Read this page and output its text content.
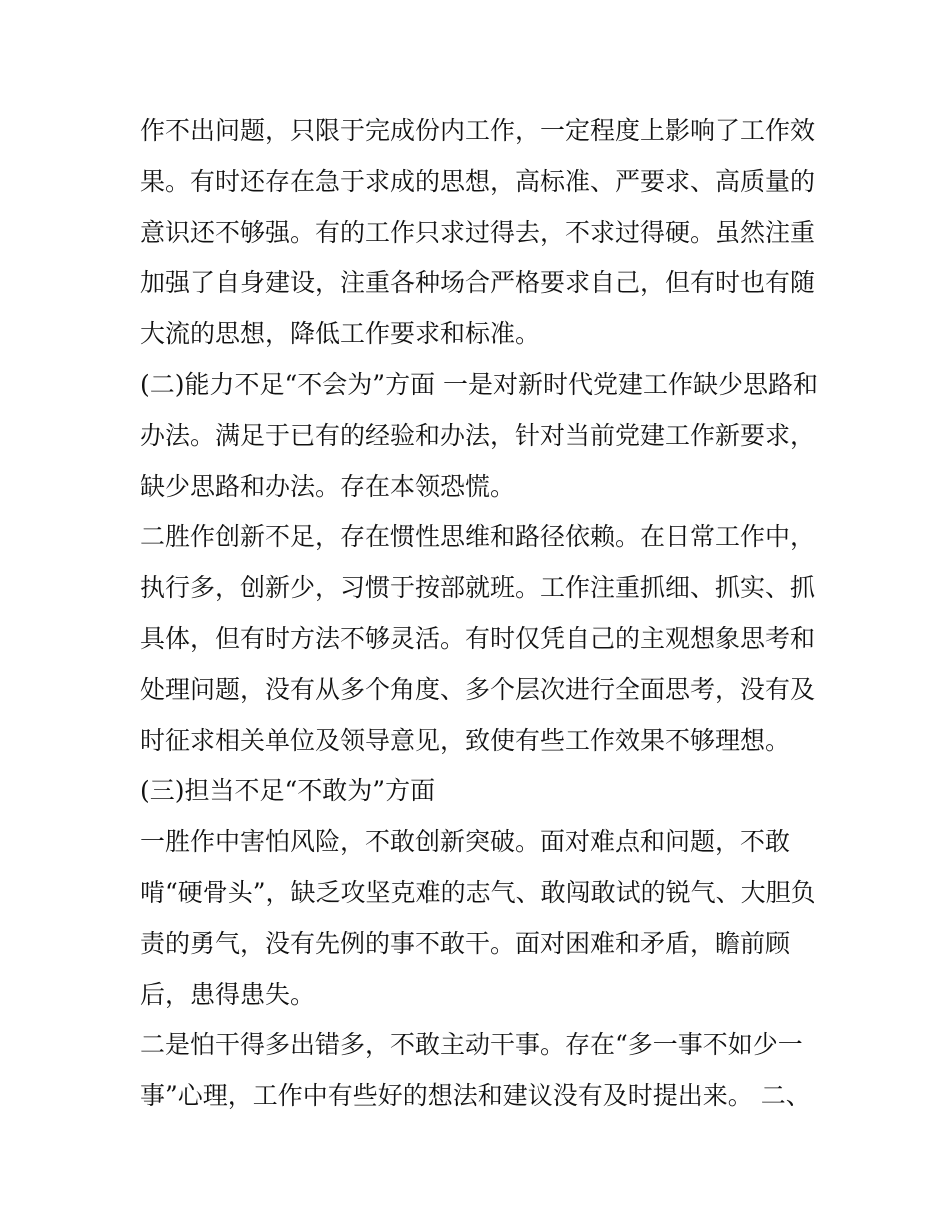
作不出问题，只限于完成份内工作，一定程度上影响了工作效
果。有时还存在急于求成的思想，高标准、严要求、高质量的
意识还不够强。有的工作只求过得去，不求过得硬。虽然注重
加强了自身建设，注重各种场合严格要求自己，但有时也有随
大流的思想，降低工作要求和标准。
(二)能力不足“不会为”方面 一是对新时代党建工作缺少思路和
办法。满足于已有的经验和办法，针对当前党建工作新要求，
缺少思路和办法。存在本领恐慌。
二胜作创新不足，存在惯性思维和路径依赖。在日常工作中，
执行多，创新少，习惯于按部就班。工作注重抓细、抓实、抓
具体，但有时方法不够灵活。有时仅凭自己的主观想象思考和
处理问题，没有从多个角度、多个层次进行全面思考，没有及
时征求相关单位及领导意见，致使有些工作效果不够理想。
(三)担当不足“不敢为”方面
一胜作中害怕风险，不敢创新突破。面对难点和问题，不敢
啃“硬骨头”，缺乏攻坚克难的志气、敢闯敢试的锐气、大胆负
责的勇气，没有先例的事不敢干。面对困难和矛盾，瞻前顾
后，患得患失。
二是怕干得多出错多，不敢主动干事。存在“多一事不如少一
事”心理，工作中有些好的想法和建议没有及时提出来。 二、
